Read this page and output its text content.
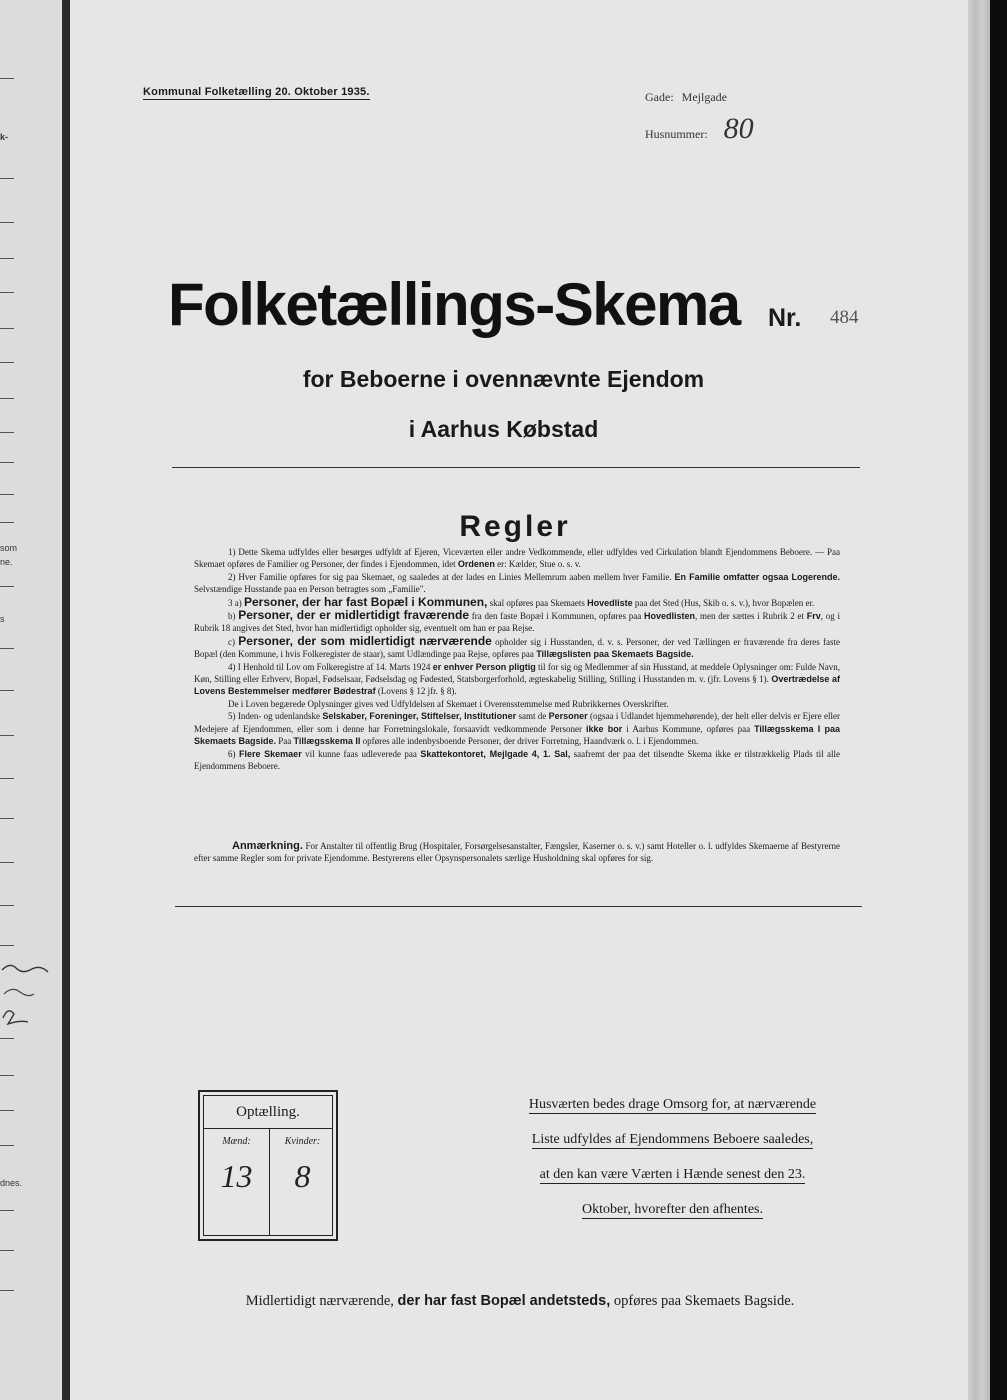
k-
som
ne.
s
dnes.
Kommunal Folketælling 20. Oktober 1935.	Gade: Mejlgade
Husnummer: 80
Folketællings-Skema Nr. 484
for Beboerne i ovennævnte Ejendom
i Aarhus Købstad
Regler

1) Dette Skema udfyldes eller besørges udfyldt af Ejeren, Viceværten eller andre Vedkommende, eller udfyldes ved Cirkulation blandt Ejendommens Beboere. — Paa Skemaet opføres de Familier og Personer, der findes i Ejendommen, idet Ordenen er: Kælder, Stue o. s. v.

2) Hver Familie opføres for sig paa Skemaet, og saaledes at der lades en Linies Mellemrum aaben mellem hver Familie. En Familie omfatter ogsaa Logerende. Selvstændige Husstande paa en Person betragtes som „Familie".

3 a) Personer, der har fast Bopæl i Kommunen, skal opføres paa Skemaets Hovedliste paa det Sted (Hus, Skib o. s. v.), hvor Bopælen er.

b) Personer, der er midlertidigt fraværende fra den faste Bopæl i Kommunen, opføres paa Hovedlisten, men der sættes i Rubrik 2 et Frv, og i Rubrik 18 angives det Sted, hvor han midlertidigt opholder sig, eventuelt om han er paa Rejse.

c) Personer, der som midlertidigt nærværende opholder sig i Husstanden, d. v. s. Personer, der ved Tællingen er fraværende fra deres faste Bopæl (den Kommune, i hvis Folkeregister de staar), samt Udlændinge paa Rejse, opføres paa Tillægslisten paa Skemaets Bagside.

4) I Henhold til Lov om Folkeregistre af 14. Marts 1924 er enhver Person pligtig til for sig og Medlemmer af sin Husstand, at meddele Oplysninger om: Fulde Navn, Køn, Stilling eller Erhverv, Bopæl, Fødselsaar, Fødselsdag og Fødested, Statsborgerforhold, ægteskabelig Stilling, Stilling i Husstanden m. v. (jfr. Lovens § 1). Overtrædelse af Lovens Bestemmelser medfører Bødestraf (Lovens § 12 jfr. § 8).

De i Loven begærede Oplysninger gives ved Udfyldelsen af Skemaet i Overensstemmelse med Rubrikkernes Overskrifter.

5) Inden- og udenlandske Selskaber, Foreninger, Stiftelser, Institutioner samt de Personer (ogsaa i Udlandet hjemmehørende), der helt eller delvis er Ejere eller Medejere af Ejendommen, eller som i denne har Forretningslokale, forsaavidt vedkommende Personer ikke bor i Aarhus Kommune, opføres paa Tillægsskema I paa Skemaets Bagside. Paa Tillægsskema II opføres alle indenbysboende Personer, der driver Forretning, Haandværk o. l. i Ejendommen.

6) Flere Skemaer vil kunne faas udleverede paa Skattekontoret, Mejlgade 4, 1. Sal, saafremt der paa det tilsendte Skema ikke er tilstrækkelig Plads til alle Ejendommens Beboere.

Anmærkning. For Anstalter til offentlig Brug (Hospitaler, Forsørgelsesanstalter, Fængsler, Kaserner o. s. v.) samt Hoteller o. l. udfyldes Skemaerne af Bestyrerne efter samme Regler som for private Ejendomme. Bestyrerens eller Opsynspersonalets særlige Husholdning skal opføres for sig.

Optælling.
Mænd:	Kvinder:
13	8
Husværten bedes drage Omsorg for, at nærværende
Liste udfyldes af Ejendommens Beboere saaledes,
at den kan være Værten i Hænde senest den 23.
Oktober, hvorefter den afhentes.
Midlertidigt nærværende, der har fast Bopæl andetsteds, opføres paa Skemaets Bagside.
